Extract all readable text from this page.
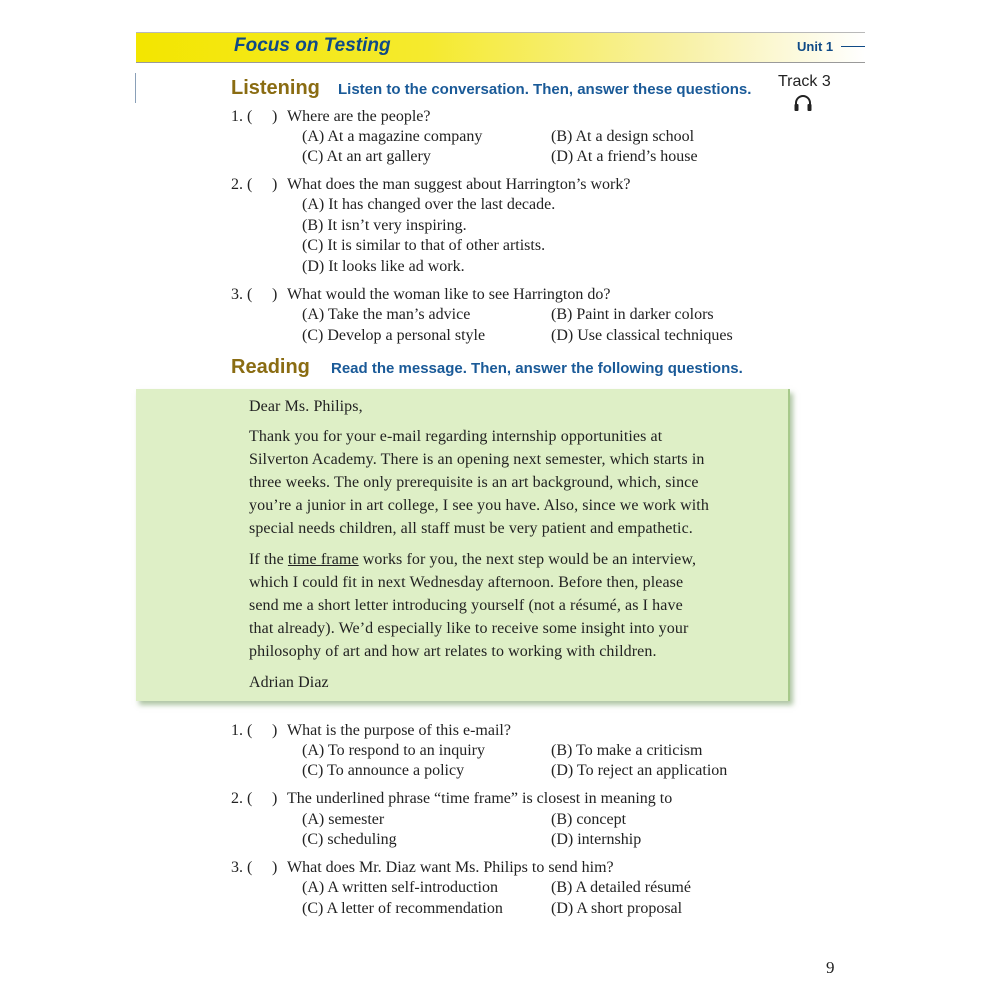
Focus on Testing	Unit 1
Listening Listen to the conversation. Then, answer these questions. Track 3
1. ( ) Where are the people?
(A) At a magazine company	(B) At a design school
(C) At an art gallery	(D) At a friend’s house
2. ( ) What does the man suggest about Harrington’s work?
(A) It has changed over the last decade.
(B) It isn’t very inspiring.
(C) It is similar to that of other artists.
(D) It looks like ad work.
3. ( ) What would the woman like to see Harrington do?
(A) Take the man’s advice	(B) Paint in darker colors
(C) Develop a personal style	(D) Use classical techniques
Reading Read the message. Then, answer the following questions.
Dear Ms. Philips,
Thank you for your e-mail regarding internship opportunities at
Silverton Academy. There is an opening next semester, which starts in
three weeks. The only prerequisite is an art background, which, since
you’re a junior in art college, I see you have. Also, since we work with
special needs children, all staff must be very patient and empathetic.
If the time frame works for you, the next step would be an interview,
which I could fit in next Wednesday afternoon. Before then, please
send me a short letter introducing yourself (not a résumé, as I have
that already). We’d especially like to receive some insight into your
philosophy of art and how art relates to working with children.
Adrian Diaz
1. ( ) What is the purpose of this e-mail?
(A) To respond to an inquiry	(B) To make a criticism
(C) To announce a policy	(D) To reject an application
2. ( ) The underlined phrase “time frame” is closest in meaning to
(A) semester	(B) concept
(C) scheduling	(D) internship
3. ( ) What does Mr. Diaz want Ms. Philips to send him?
(A) A written self-introduction	(B) A detailed résumé
(C) A letter of recommendation	(D) A short proposal
9
